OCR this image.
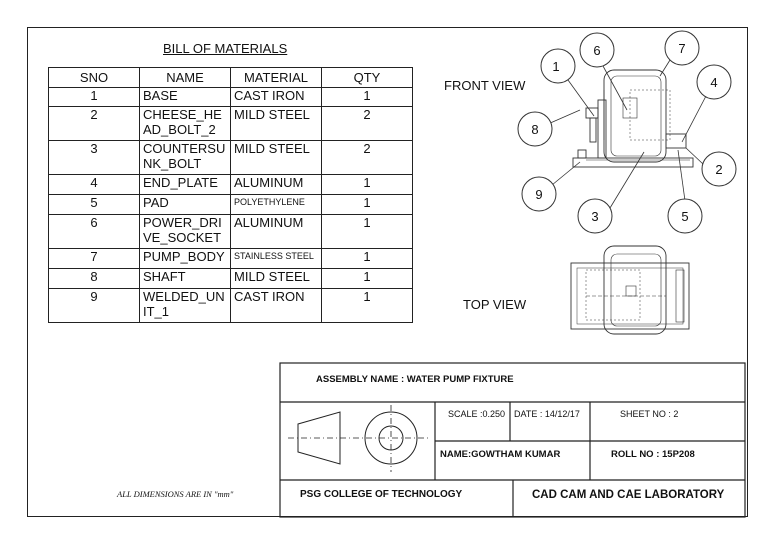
BILL OF MATERIALS
SNO	NAME	MATERIAL	QTY
1	BASE	CAST IRON	1
2	CHEESE_HEAD_BOLT_2	MILD STEEL	2
3	COUNTERSUNK_BOLT	MILD STEEL	2
4	END_PLATE	ALUMINUM	1
5	PAD	POLYETHYLENE	1
6	POWER_DRIVE_SOCKET	ALUMINUM	1
7	PUMP_BODY	STAINLESS STEEL	1
8	SHAFT	MILD STEEL	1
9	WELDED_UNIT_1	CAST IRON	1
FRONT VIEW
TOP VIEW
1
2
3
4
5
6	7
8
9
ALL DIMENSIONS ARE IN "mm"
ASSEMBLY NAME : WATER PUMP FIXTURE
SCALE :0.250 DATE : 14/12/17	SHEET NO : 2
NAME:GOWTHAM KUMAR	ROLL NO : 15P208
PSG COLLEGE OF TECHNOLOGY	CAD CAM AND CAE LABORATORY
